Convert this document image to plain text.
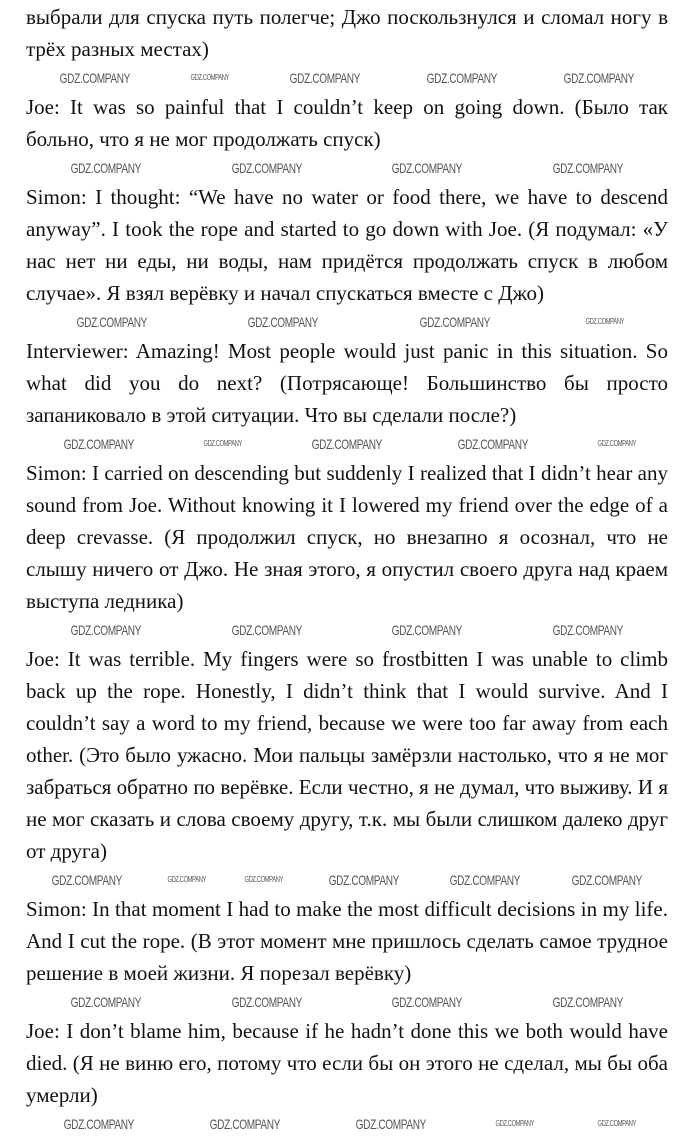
выбрали для спуска путь полегче; Джо поскользнулся и сломал ногу в трёх разных местах)

GDZ.COMPANY	GDZ.COMPANY	GDZ.COMPANY	GDZ.COMPANY	GDZ.COMPANY

Joe: It was so painful that I couldn’t keep on going down. (Было так больно, что я не мог продолжать спуск)

GDZ.COMPANY	GDZ.COMPANY	GDZ.COMPANY	GDZ.COMPANY

Simon: I thought: “We have no water or food there, we have to descend anyway”. I took the rope and started to go down with Joe. (Я подумал: «У нас нет ни еды, ни воды, нам придётся продолжать спуск в любом случае». Я взял верёвку и начал спускаться вместе с Джо)

GDZ.COMPANY	GDZ.COMPANY	GDZ.COMPANY	GDZ.COMPANY

Interviewer: Amazing! Most people would just panic in this situation. So what did you do next? (Потрясающе! Большинство бы просто запаниковало в этой ситуации. Что вы сделали после?)

GDZ.COMPANY	GDZ.COMPANY	GDZ.COMPANY	GDZ.COMPANY	GDZ.COMPANY

Simon: I carried on descending but suddenly I realized that I didn’t hear any sound from Joe. Without knowing it I lowered my friend over the edge of a deep crevasse. (Я продолжил спуск, но внезапно я осознал, что не слышу ничего от Джо. Не зная этого, я опустил своего друга над краем выступа ледника)

GDZ.COMPANY	GDZ.COMPANY	GDZ.COMPANY	GDZ.COMPANY

Joe: It was terrible. My fingers were so frostbitten I was unable to climb back up the rope. Honestly, I didn’t think that I would survive. And I couldn’t say a word to my friend, because we were too far away from each other. (Это было ужасно. Мои пальцы замёрзли настолько, что я не мог забраться обратно по верёвке. Если честно, я не думал, что выживу. И я не мог сказать и слова своему другу, т.к. мы были слишком далеко друг от друга)

GDZ.COMPANY	GDZ.COMPANY	GDZ.COMPANY	GDZ.COMPANY	GDZ.COMPANY	GDZ.COMPANY

Simon: In that moment I had to make the most difficult decisions in my life. And I cut the rope. (В этот момент мне пришлось сделать самое трудное решение в моей жизни. Я порезал верёвку)

GDZ.COMPANY	GDZ.COMPANY	GDZ.COMPANY	GDZ.COMPANY

Joe: I don’t blame him, because if he hadn’t done this we both would have died. (Я не виню его, потому что если бы он этого не сделал, мы бы оба умерли)

GDZ.COMPANY	GDZ.COMPANY	GDZ.COMPANY	GDZ.COMPANY	GDZ.COMPANY
